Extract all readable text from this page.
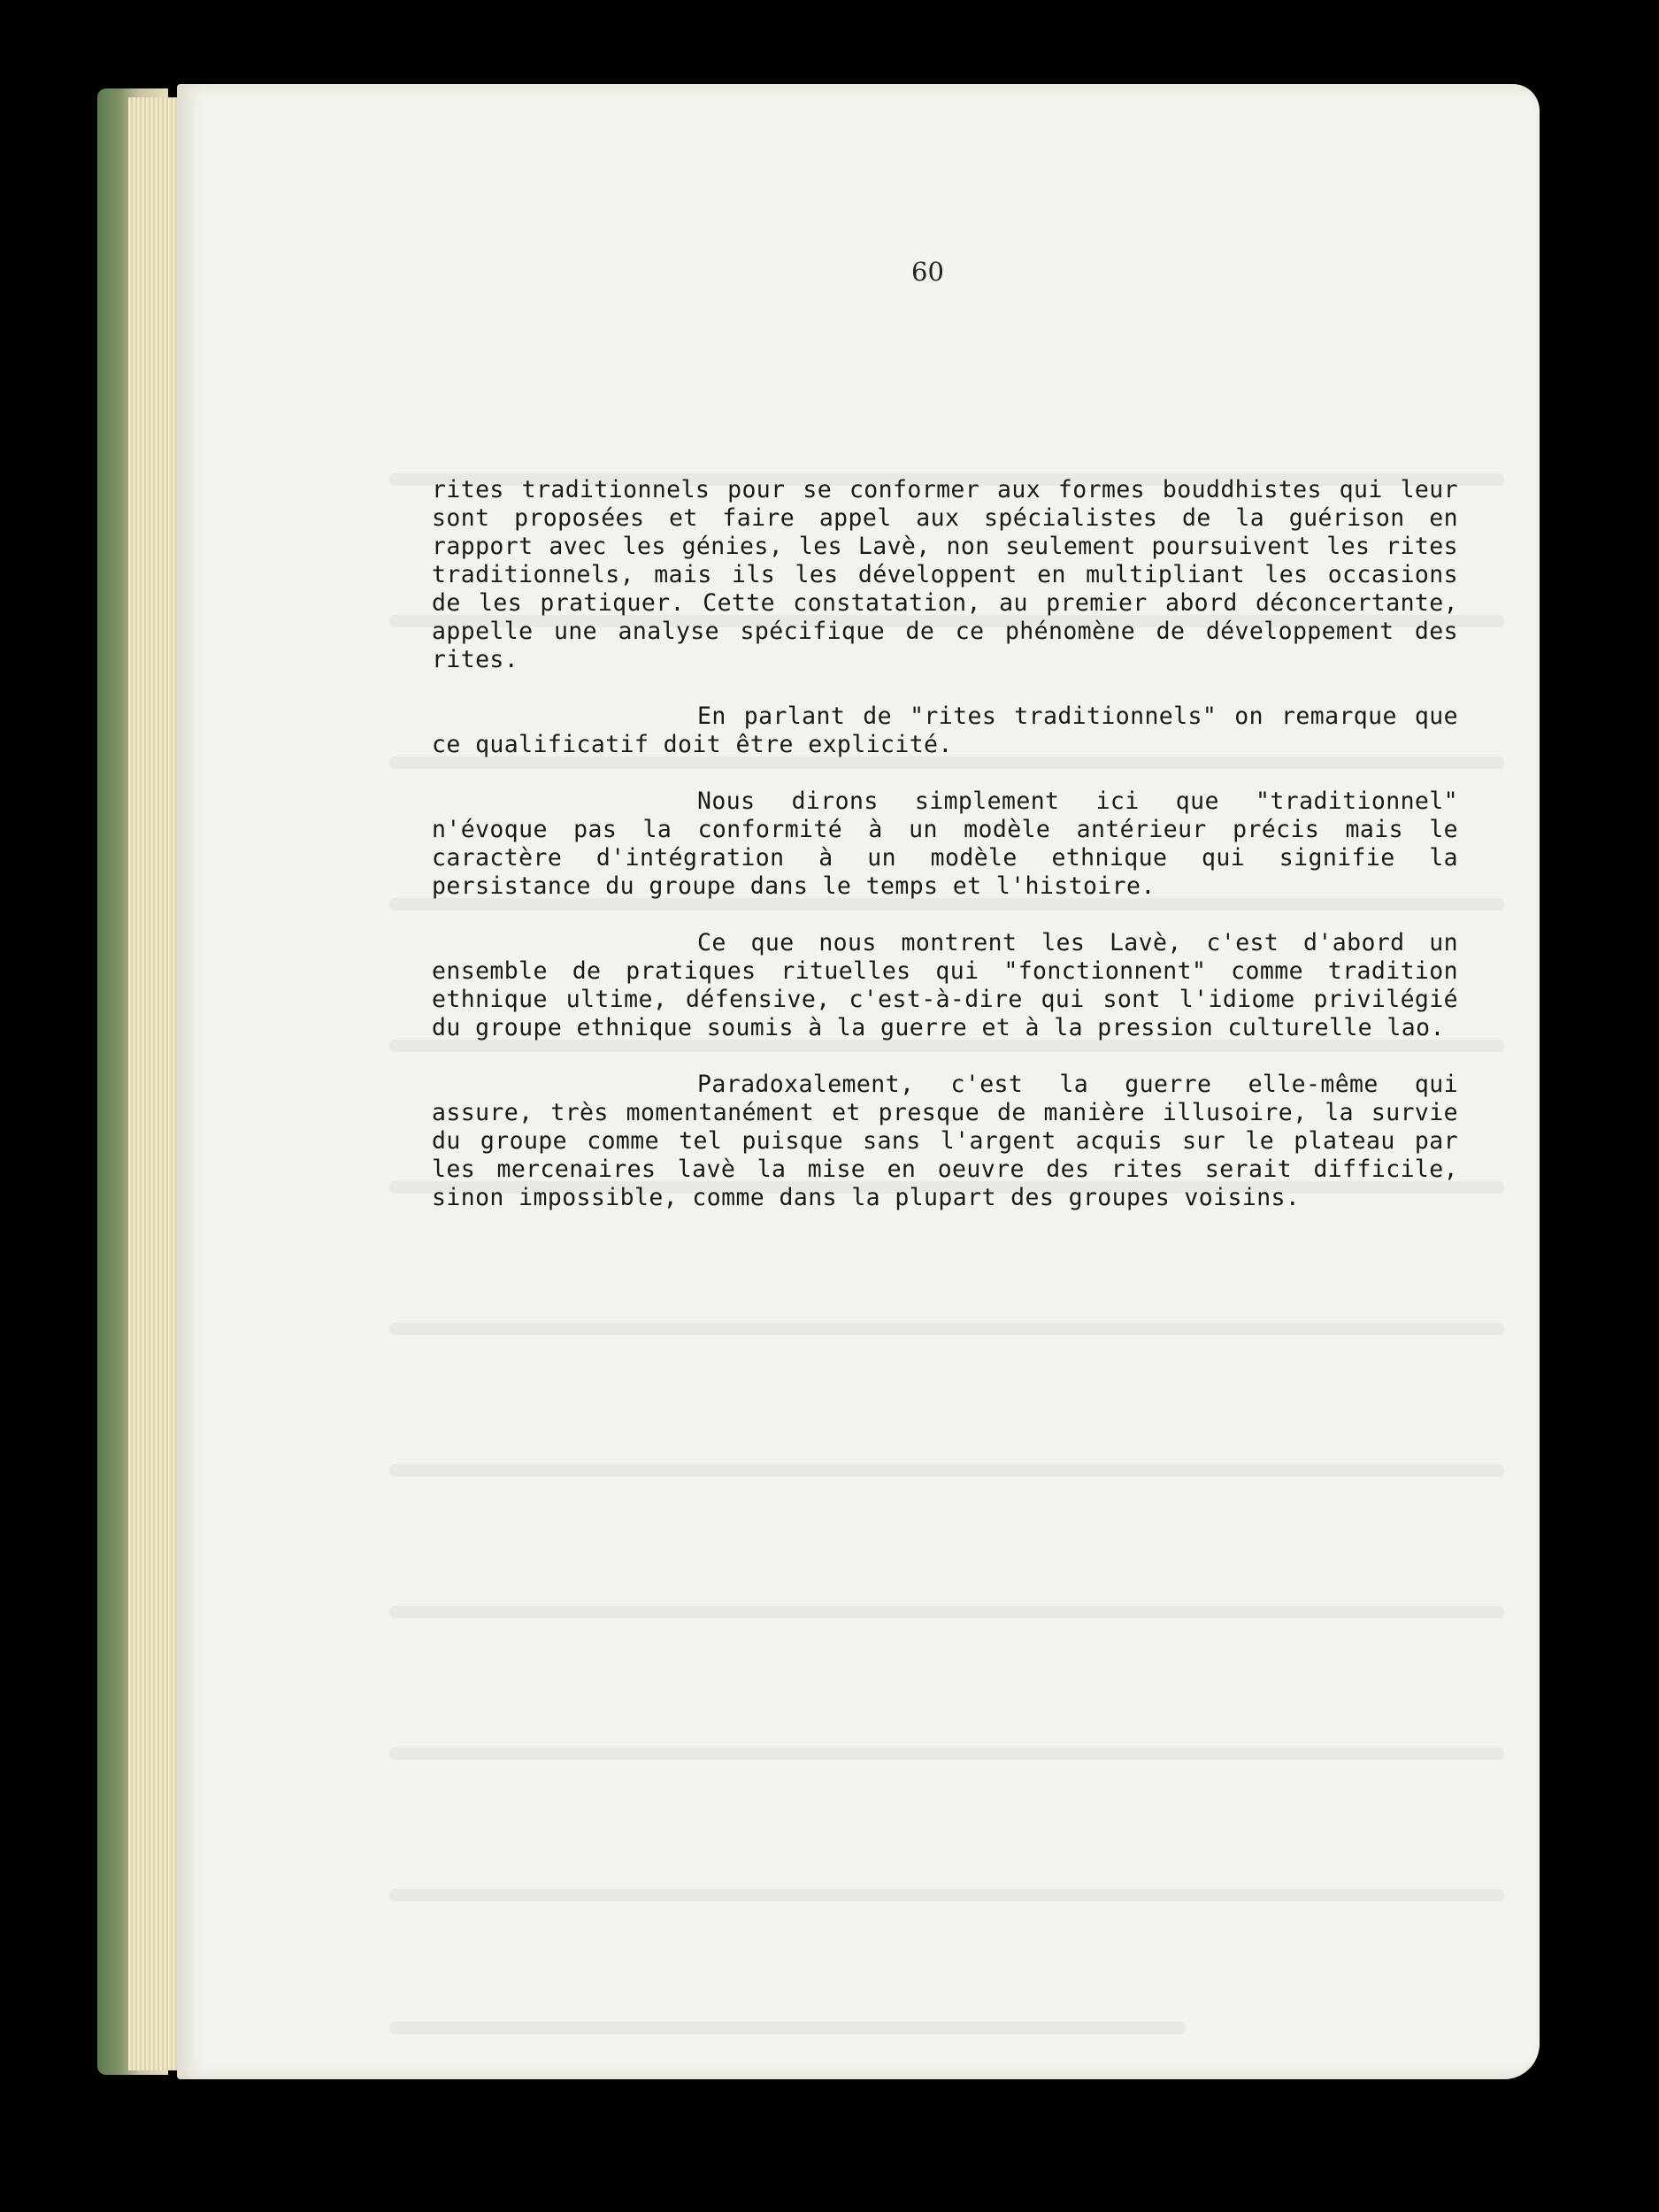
60

rites traditionnels pour se conformer aux formes bouddhistes qui leur sont proposées et faire appel aux spécialistes de la guérison en rapport avec les génies, les Lavè, non seulement poursuivent les rites traditionnels, mais ils les développent en multipliant les occasions de les pratiquer. Cette constatation, au premier abord déconcertante, appelle une analyse spécifique de ce phénomène de développement des rites.

En parlant de "rites traditionnels" on remarque que ce qualificatif doit être explicité.

Nous dirons simplement ici que "traditionnel" n'évoque pas la conformité à un modèle antérieur précis mais le caractère d'intégration à un modèle ethnique qui signifie la persistance du groupe dans le temps et l'histoire.

Ce que nous montrent les Lavè, c'est d'abord un ensemble de pratiques rituelles qui "fonctionnent" comme tradition ethnique ultime, défensive, c'est-à-dire qui sont l'idiome privilégié du groupe ethnique soumis à la guerre et à la pression culturelle lao.

Paradoxalement, c'est la guerre elle-même qui assure, très momentanément et presque de manière illusoire, la survie du groupe comme tel puisque sans l'argent acquis sur le plateau par les mercenaires lavè la mise en oeuvre des rites serait difficile, sinon impossible, comme dans la plupart des groupes voisins.
